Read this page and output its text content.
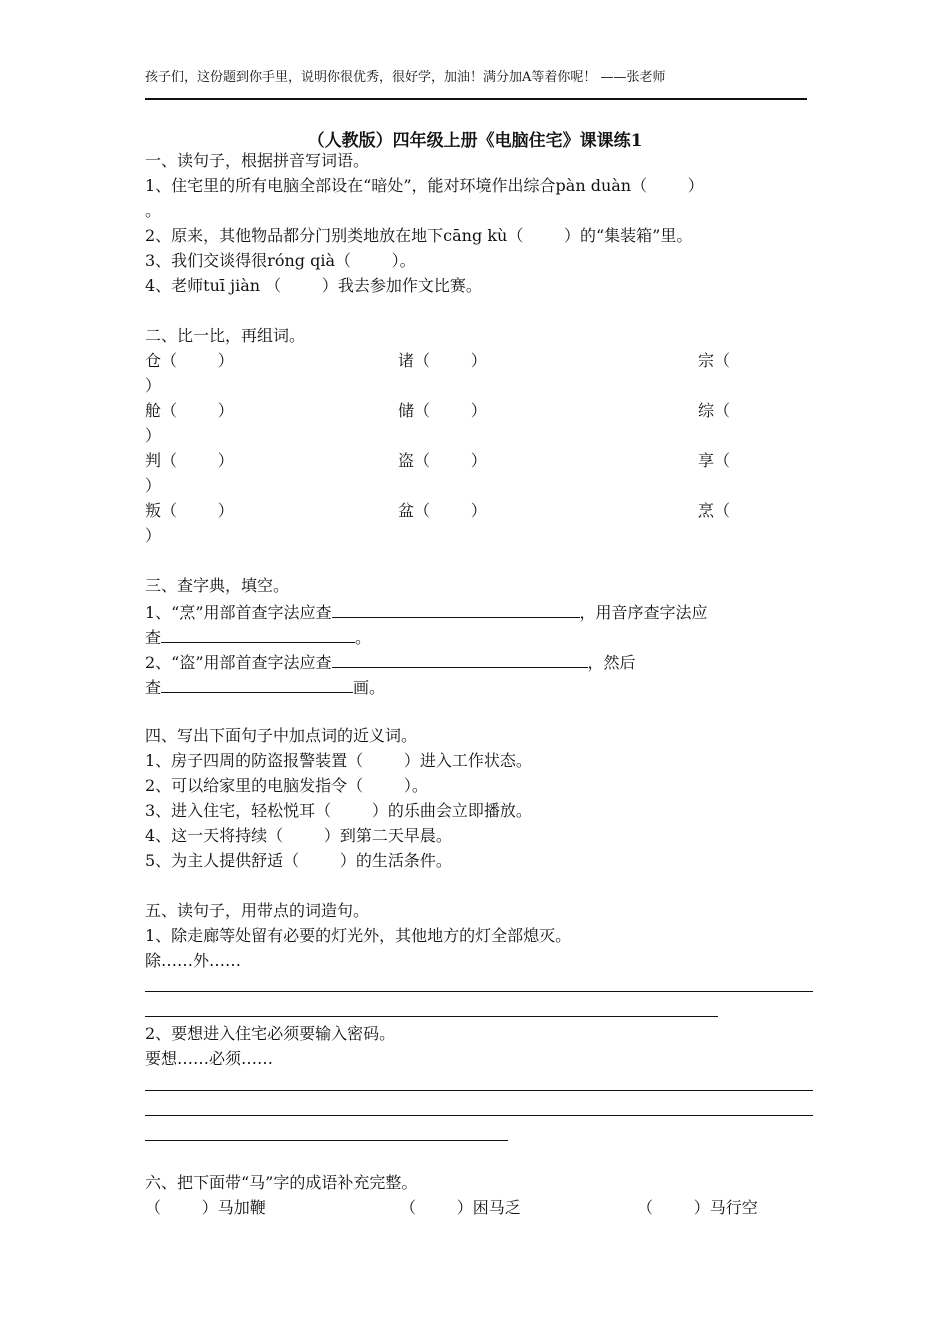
孩子们，这份题到你手里，说明你很优秀，很好学，加油！满分加A等着你呢！ ——张老师
（人教版）四年级上册《电脑住宅》课课练1
一、读句子，根据拼音写词语。
1、住宅里的所有电脑全部设在“暗处”，能对环境作出综合pàn duàn（        ）
。
2、原来，其他物品都分门别类地放在地下cāng kù（        ）的“集装箱”里。
3、我们交谈得很róng qià（        ）。
4、老师tuī jiàn （        ）我去参加作文比赛。
二、比一比，再组词。
仓（        ）	诸（        ）	宗（
）
舱（        ）	储（        ）	综（
）
判（        ）	盗（        ）	享（
）
叛（        ）	盆（        ）	烹（
）
三、查字典，填空。
1、“烹”用部首查字法应查	，用音序查字法应
查	。
2、“盗”用部首查字法应查	，然后
查	画。
四、写出下面句子中加点词的近义词。
1、房子四周的防盗报警装置（        ）进入工作状态。
2、可以给家里的电脑发指令（        ）。
3、进入住宅，轻松悦耳（        ）的乐曲会立即播放。
4、这一天将持续（        ）到第二天早晨。
5、为主人提供舒适（        ）的生活条件。
五、读句子，用带点的词造句。
1、除走廊等处留有必要的灯光外，其他地方的灯全部熄灭。
除……外……
2、要想进入住宅必须要输入密码。
要想……必须……
六、把下面带“马”字的成语补充完整。
（        ）马加鞭	（        ）困马乏	（        ）马行空
